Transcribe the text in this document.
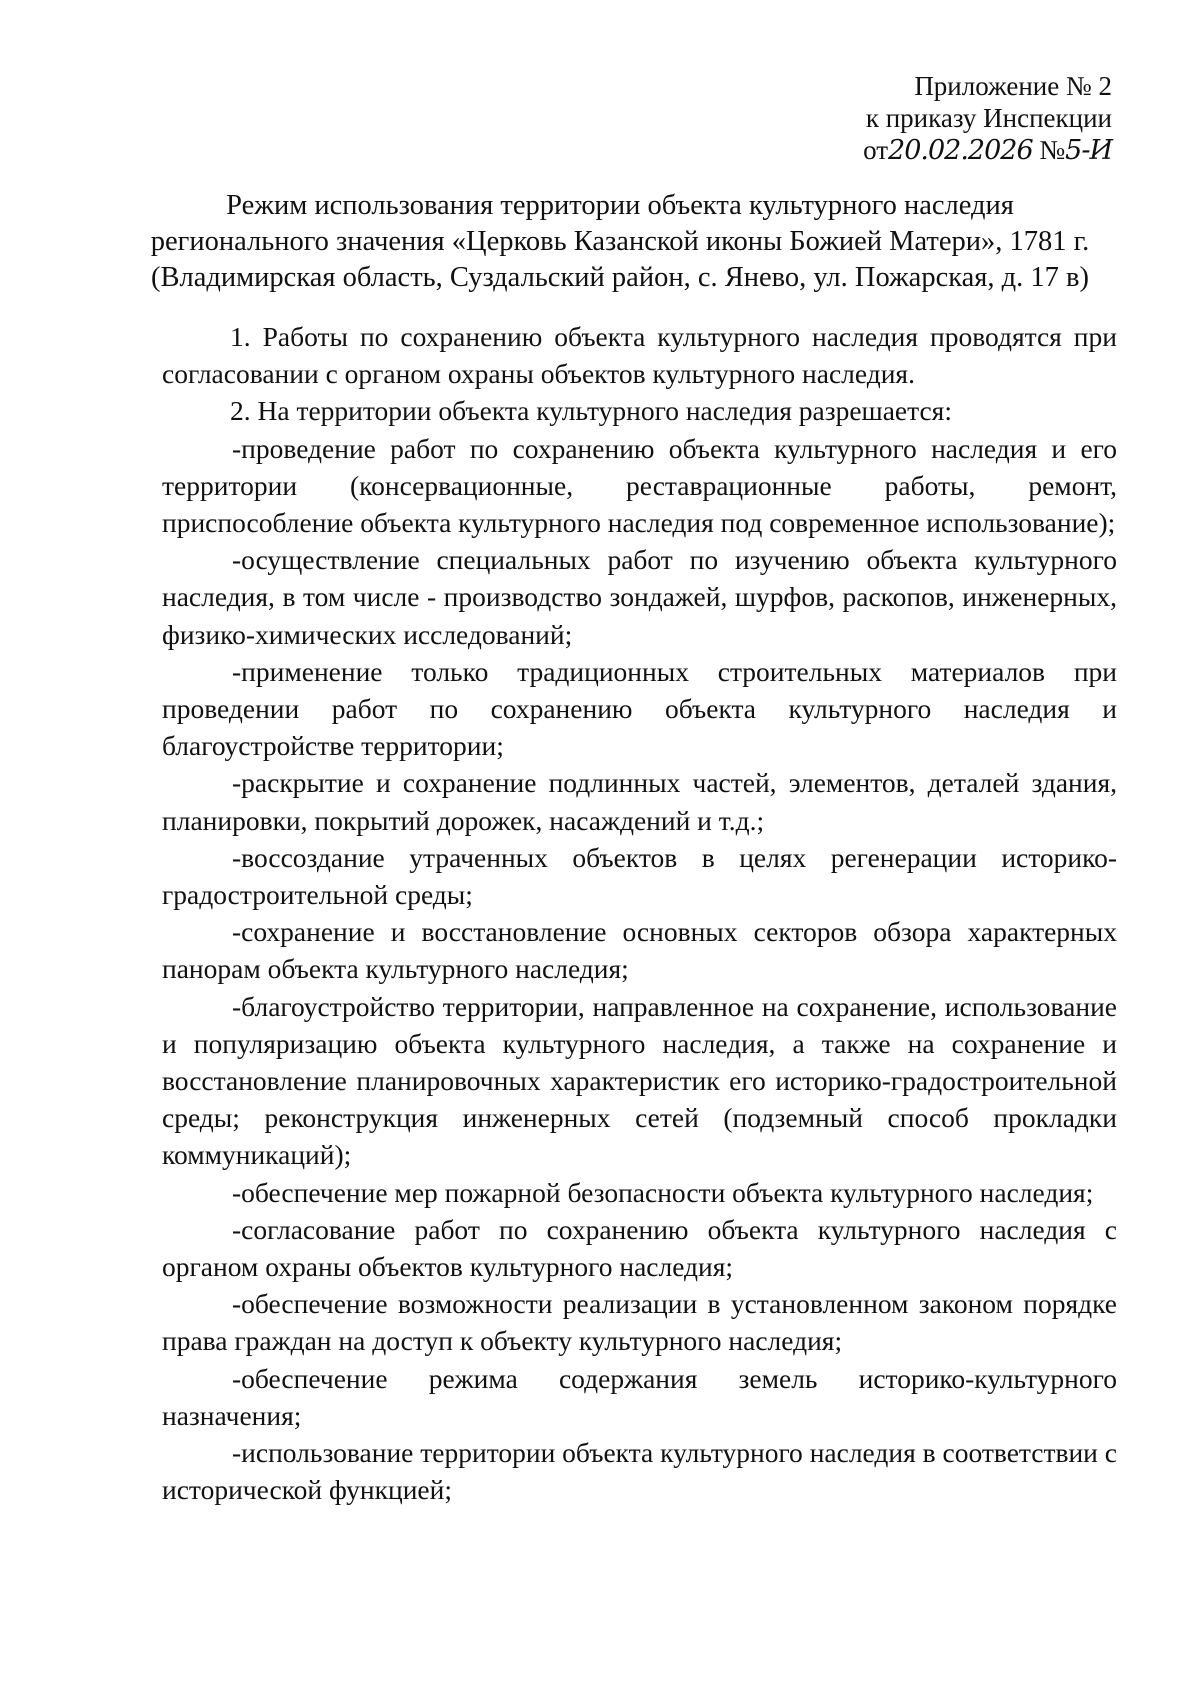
Приложение № 2
к приказу Инспекции
от20.02.2026 №5-И
Режим использования территории объекта культурного наследия
регионального значения «Церковь Казанской иконы Божией Матери», 1781 г.
(Владимирская область, Суздальский район, с. Янево, ул. Пожарская, д. 17 в)

1. Работы по сохранению объекта культурного наследия проводятся при согласовании с органом охраны объектов культурного наследия.

2. На территории объекта культурного наследия разрешается:

-проведение работ по сохранению объекта культурного наследия и его территории (консервационные, реставрационные работы, ремонт, приспособление объекта культурного наследия под современное использование);

-осуществление специальных работ по изучению объекта культурного наследия, в том числе - производство зондажей, шурфов, раскопов, инженерных, физико-химических исследований;

-применение только традиционных строительных материалов при проведении работ по сохранению объекта культурного наследия и благоустройстве территории;

-раскрытие и сохранение подлинных частей, элементов, деталей здания, планировки, покрытий дорожек, насаждений и т.д.;

-воссоздание утраченных объектов в целях регенерации историко-градостроительной среды;

-сохранение и восстановление основных секторов обзора характерных панорам объекта культурного наследия;

-благоустройство территории, направленное на сохранение, использование и популяризацию объекта культурного наследия, а также на сохранение и восстановление планировочных характеристик его историко-градостроительной среды; реконструкция инженерных сетей (подземный способ прокладки коммуникаций);

-обеспечение мер пожарной безопасности объекта культурного наследия;

-согласование работ по сохранению объекта культурного наследия с органом охраны объектов культурного наследия;

-обеспечение возможности реализации в установленном законом порядке права граждан на доступ к объекту культурного наследия;

-обеспечение режима содержания земель историко-культурного назначения;

-использование территории объекта культурного наследия в соответствии с исторической функцией;
